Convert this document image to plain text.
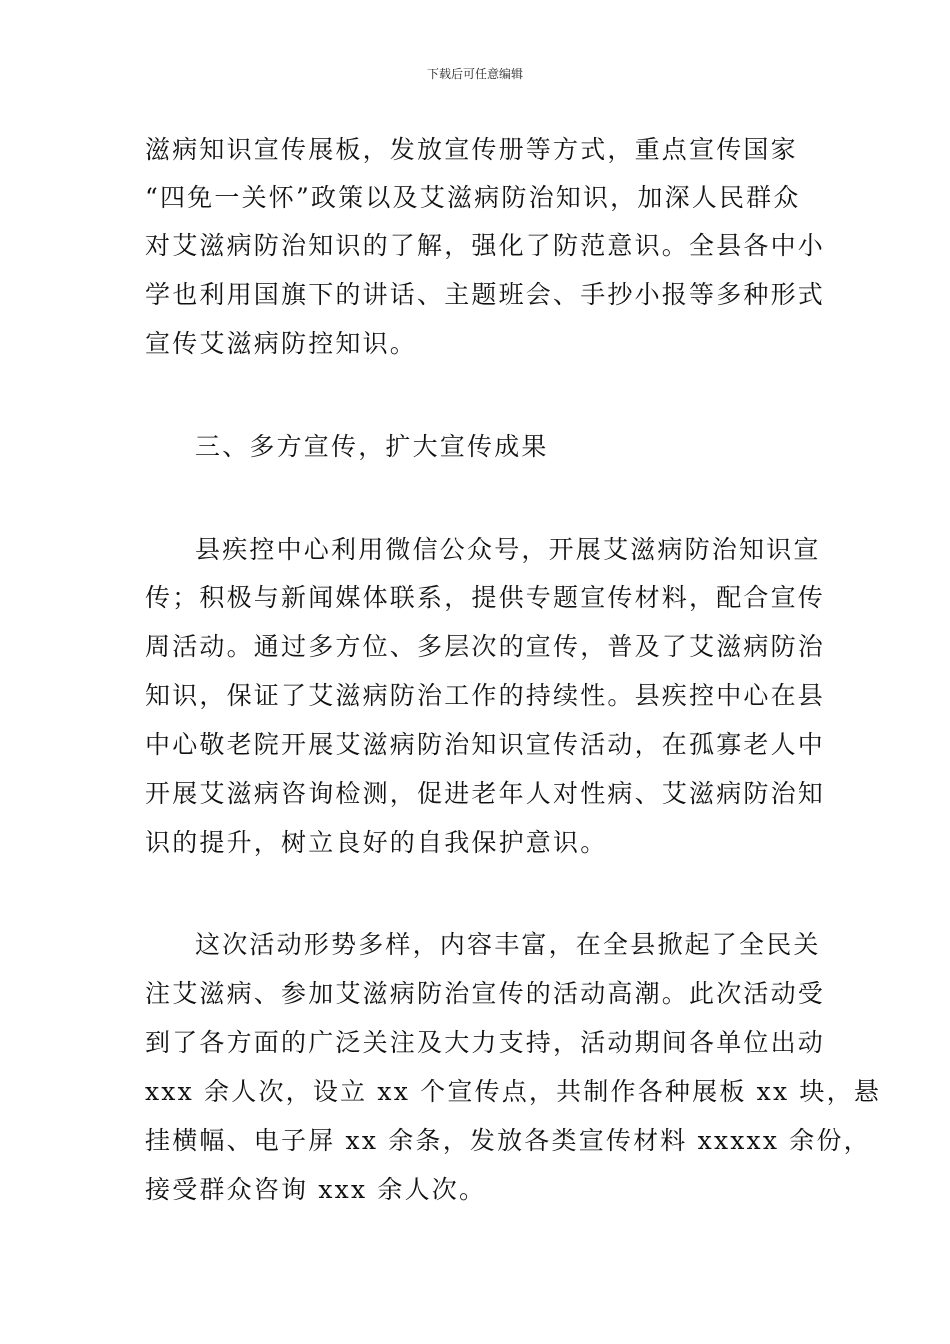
下载后可任意编辑
滋病知识宣传展板，发放宣传册等方式，重点宣传国家
“四免一关怀”政策以及艾滋病防治知识，加深人民群众
对艾滋病防治知识的了解，强化了防范意识。全县各中小
学也利用国旗下的讲话、主题班会、手抄小报等多种形式
宣传艾滋病防控知识。
三、多方宣传，扩大宣传成果
县疾控中心利用微信公众号，开展艾滋病防治知识宣
传；积极与新闻媒体联系，提供专题宣传材料，配合宣传
周活动。通过多方位、多层次的宣传，普及了艾滋病防治
知识，保证了艾滋病防治工作的持续性。县疾控中心在县
中心敬老院开展艾滋病防治知识宣传活动，在孤寡老人中
开展艾滋病咨询检测，促进老年人对性病、艾滋病防治知
识的提升，树立良好的自我保护意识。
这次活动形势多样，内容丰富，在全县掀起了全民关
注艾滋病、参加艾滋病防治宣传的活动高潮。此次活动受
到了各方面的广泛关注及大力支持，活动期间各单位出动
xxx 余人次，设立 xx 个宣传点，共制作各种展板 xx 块，悬
挂横幅、电子屏 xx 余条，发放各类宣传材料 xxxxx 余份，
接受群众咨询 xxx 余人次。
